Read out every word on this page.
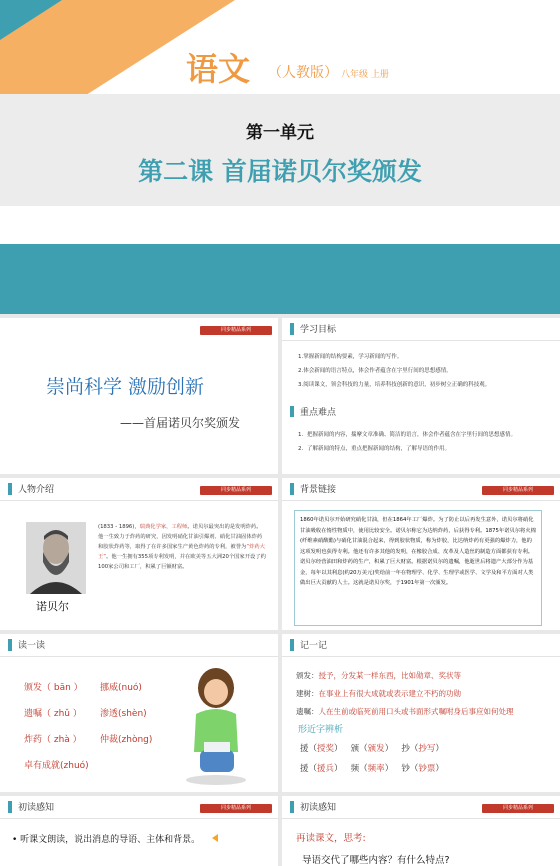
语文 （人教版） 八年级 上册
第一单元
第二课 首届诺贝尔奖颁发
同步精品系列
崇尚科学 激励创新
——首届诺贝尔奖颁发
学习目标
1.掌握新闻的结构要素，学习新闻的写作。
2.体会新闻的语言特点，体会作者蕴含在字里行间的思想感情。
3.阅读课文，领会科技的力量，培养科技创新的意识，初步树立正确的科技观。
重点难点
1．把握新闻的内容，揣摩文章准确、简洁的语言，体会作者蕴含在字里行间的思想感情。
2．了解新闻的特点，重点把握新闻的结构，了解导语的作用。
人物介绍	同步精品系列
诺贝尔
(1833 - 1896)，瑞典化学家，工程师。诺贝尔最突出的是发明炸药。他一生致力于炸药的研究，因发明硝化甘油引爆剂、硝化甘油固体炸药和胶状炸药等，取得了在许多国家生产黄色炸药的专利，被誉为“炸药大王”。他一生拥有355项专利发明，并在欧美等五大洲20个国家开设了约100家公司和工厂，积累了巨额财富。
背景链接	同步精品系列
1860年诺贝尔开始研究硝化甘油，但在1864年工厂爆炸。为了防止以后再发生意外，诺贝尔将硝化甘油吸收在惰性物质中，使用比较安全。诺贝尔称它为达纳炸药，后获得专利。1875年诺贝尔将火棉(纤维素硝酸酯)与硝化甘油混合起来，得到胶状物质，称为炸胶，比达纳炸药有更强的爆炸力，他的这项发明也获得专利。他还有许多其他的发明，在橡胶合成、皮革及人造丝的制造方面都获有专利。诺贝尔经营油田和炸药的生产，积累了巨大财富。根据诺贝尔的遗嘱，他逝世后将遗产大部分作为基金，每年以其利息(约20万美元)奖给前一年在物理学、化学、生理学或医学、文学及和平方面对人类做出巨大贡献的人士。这就是诺贝尔奖，于1901年第一次颁发。
读一读
颁发（ bān ） 挪威(nuó)
遗嘱（ zhǔ ） 渗透(shèn)
炸药（ zhà ） 仲裁(zhòng)
卓有成就(zhuó)
记一记
颁发：授予，分发某一样东西，比如勋章、奖状等
建树：在事业上有很大成就或表示建立不朽的功勋
遗嘱：人在生前或临死前用口头或书面形式嘱咐身后事应如何处理
形近字辨析
援（授奖） 颁（颁发） 抄（抄写）
援（援兵） 频（频率） 钞（钞票）
初读感知	同步精品系列
• 听课文朗读，说出消息的导语、主体和背景。
初读感知	同步精品系列
再读课文，思考:
导语交代了哪些内容？有什么特点?
